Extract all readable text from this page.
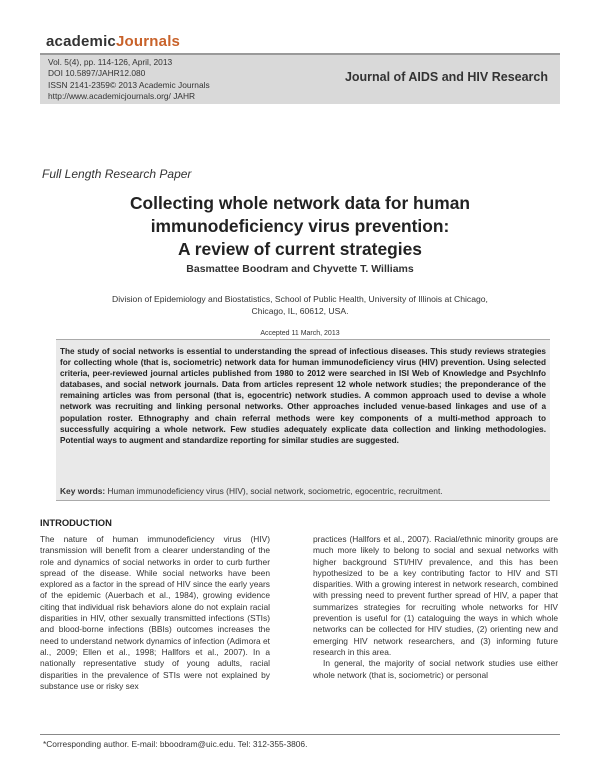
academicJournals
Vol. 5(4), pp. 114-126, April, 2013
DOI 10.5897/JAHR12.080
ISSN 2141-2359© 2013 Academic Journals
http://www.academicjournals.org/ JAHR
Journal of AIDS and HIV Research
Full Length Research Paper
Collecting whole network data for human
immunodeficiency virus prevention:
A review of current strategies
Basmattee Boodram and Chyvette T. Williams
Division of Epidemiology and Biostatistics, School of Public Health, University of Illinois at Chicago,
Chicago, IL, 60612, USA.
Accepted 11 March, 2013

The study of social networks is essential to understanding the spread of infectious diseases. This study reviews strategies for collecting whole (that is, sociometric) network data for human immunodeficiency virus (HIV) prevention. Using selected criteria, peer-reviewed journal articles published from 1980 to 2012 were searched in ISI Web of Knowledge and PsychInfo databases, and social network journals. Data from articles represent 12 whole network studies; the preponderance of the remaining articles was from personal (that is, egocentric) network studies. A common approach used to devise a whole network was recruiting and linking personal networks. Other approaches included venue-based linkages and use of a population roster. Ethnography and chain referral methods were key components of a multi-method approach to successfully acquiring a whole network. Few studies adequately explicate data collection and linking methodologies. Potential ways to augment and standardize reporting for similar studies are suggested.

Key words: Human immunodeficiency virus (HIV), social network, sociometric, egocentric, recruitment.
INTRODUCTION

The nature of human immunodeficiency virus (HIV) transmission will benefit from a clearer understanding of the role and dynamics of social networks in order to curb further spread of the disease. While social networks have been explored as a factor in the spread of HIV since the early years of the epidemic (Auerbach et al., 1984), growing evidence citing that individual risk behaviors alone do not explain racial disparities in HIV, other sexually transmitted infections (STIs) and blood-borne infections (BBIs) outcomes increases the need to understand network dynamics of infection (Adimora et al., 2009; Ellen et al., 1998; Hallfors et al., 2007). In a nationally representative study of young adults, racial disparities in the prevalence of STIs were not explained by substance use or risky sex

practices (Hallfors et al., 2007). Racial/ethnic minority groups are much more likely to belong to social and sexual networks with higher background STI/HIV prevalence, and this has been hypothesized to be a key contributing factor to HIV and STI disparities. With a growing interest in network research, combined with pressing need to prevent further spread of HIV, a paper that summarizes strategies for recruiting whole networks for HIV prevention is useful for (1) cataloguing the ways in which whole networks can be collected for HIV studies, (2) orienting new and emerging HIV network researchers, and (3) informing future research in this area.

In general, the majority of social network studies use either whole network (that is, sociometric) or personal

*Corresponding author. E-mail: bboodram@uic.edu. Tel: 312-355-3806.
